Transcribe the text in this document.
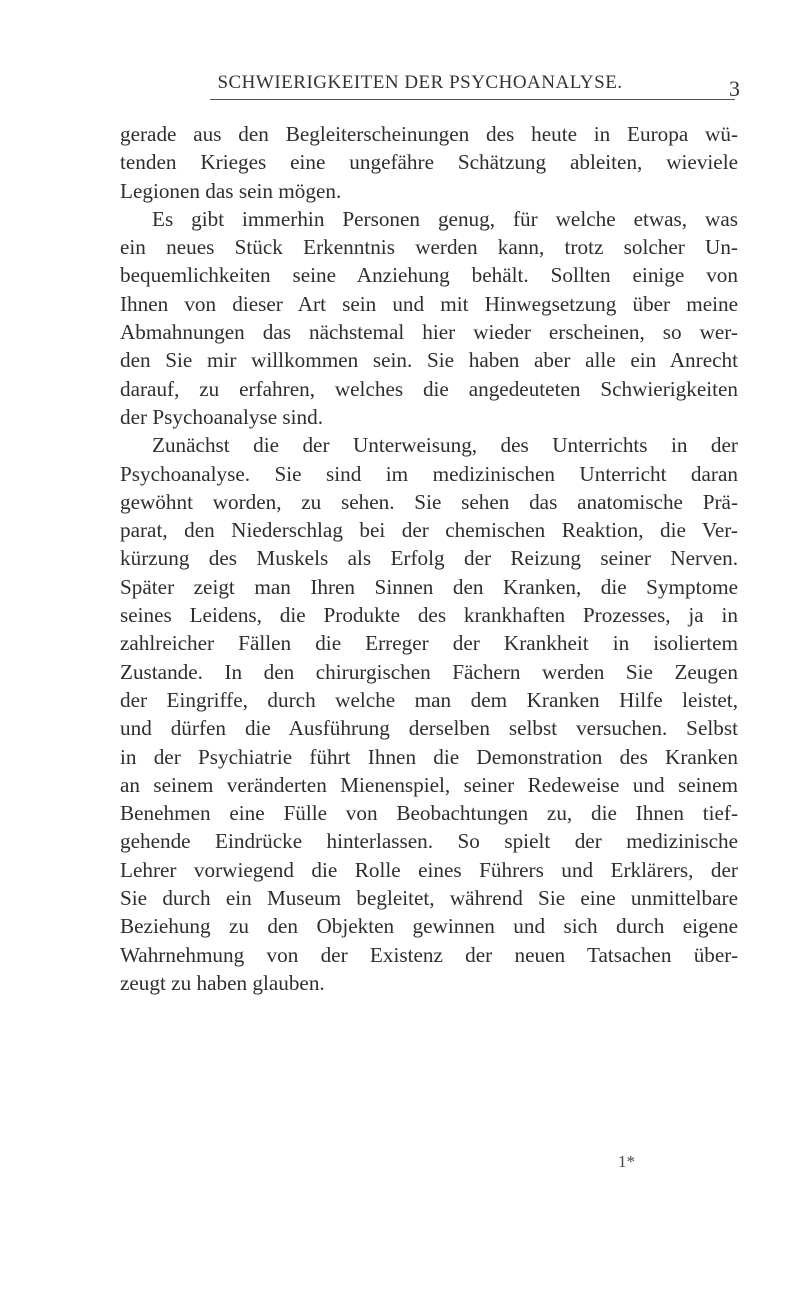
SCHWIERIGKEITEN DER PSYCHOANALYSE.	3

gerade aus den Begleiterscheinungen des heute in Europa wü-
tenden Krieges eine ungefähre Schätzung ableiten, wieviele
Legionen das sein mögen.

Es gibt immerhin Personen genug, für welche etwas, was
ein neues Stück Erkenntnis werden kann, trotz solcher Un-
bequemlichkeiten seine Anziehung behält. Sollten einige von
Ihnen von dieser Art sein und mit Hinwegsetzung über meine
Abmahnungen das nächstemal hier wieder erscheinen, so wer-
den Sie mir willkommen sein. Sie haben aber alle ein Anrecht
darauf, zu erfahren, welches die angedeuteten Schwierigkeiten
der Psychoanalyse sind.

Zunächst die der Unterweisung, des Unterrichts in der
Psychoanalyse. Sie sind im medizinischen Unterricht daran
gewöhnt worden, zu sehen. Sie sehen das anatomische Prä-
parat, den Niederschlag bei der chemischen Reaktion, die Ver-
kürzung des Muskels als Erfolg der Reizung seiner Nerven.
Später zeigt man Ihren Sinnen den Kranken, die Symptome
seines Leidens, die Produkte des krankhaften Prozesses, ja in
zahlreicher Fällen die Erreger der Krankheit in isoliertem
Zustande. In den chirurgischen Fächern werden Sie Zeugen
der Eingriffe, durch welche man dem Kranken Hilfe leistet,
und dürfen die Ausführung derselben selbst versuchen. Selbst
in der Psychiatrie führt Ihnen die Demonstration des Kranken
an seinem veränderten Mienenspiel, seiner Redeweise und seinem
Benehmen eine Fülle von Beobachtungen zu, die Ihnen tief-
gehende Eindrücke hinterlassen. So spielt der medizinische
Lehrer vorwiegend die Rolle eines Führers und Erklärers, der
Sie durch ein Museum begleitet, während Sie eine unmittelbare
Beziehung zu den Objekten gewinnen und sich durch eigene
Wahrnehmung von der Existenz der neuen Tatsachen über-
zeugt zu haben glauben.

1*
